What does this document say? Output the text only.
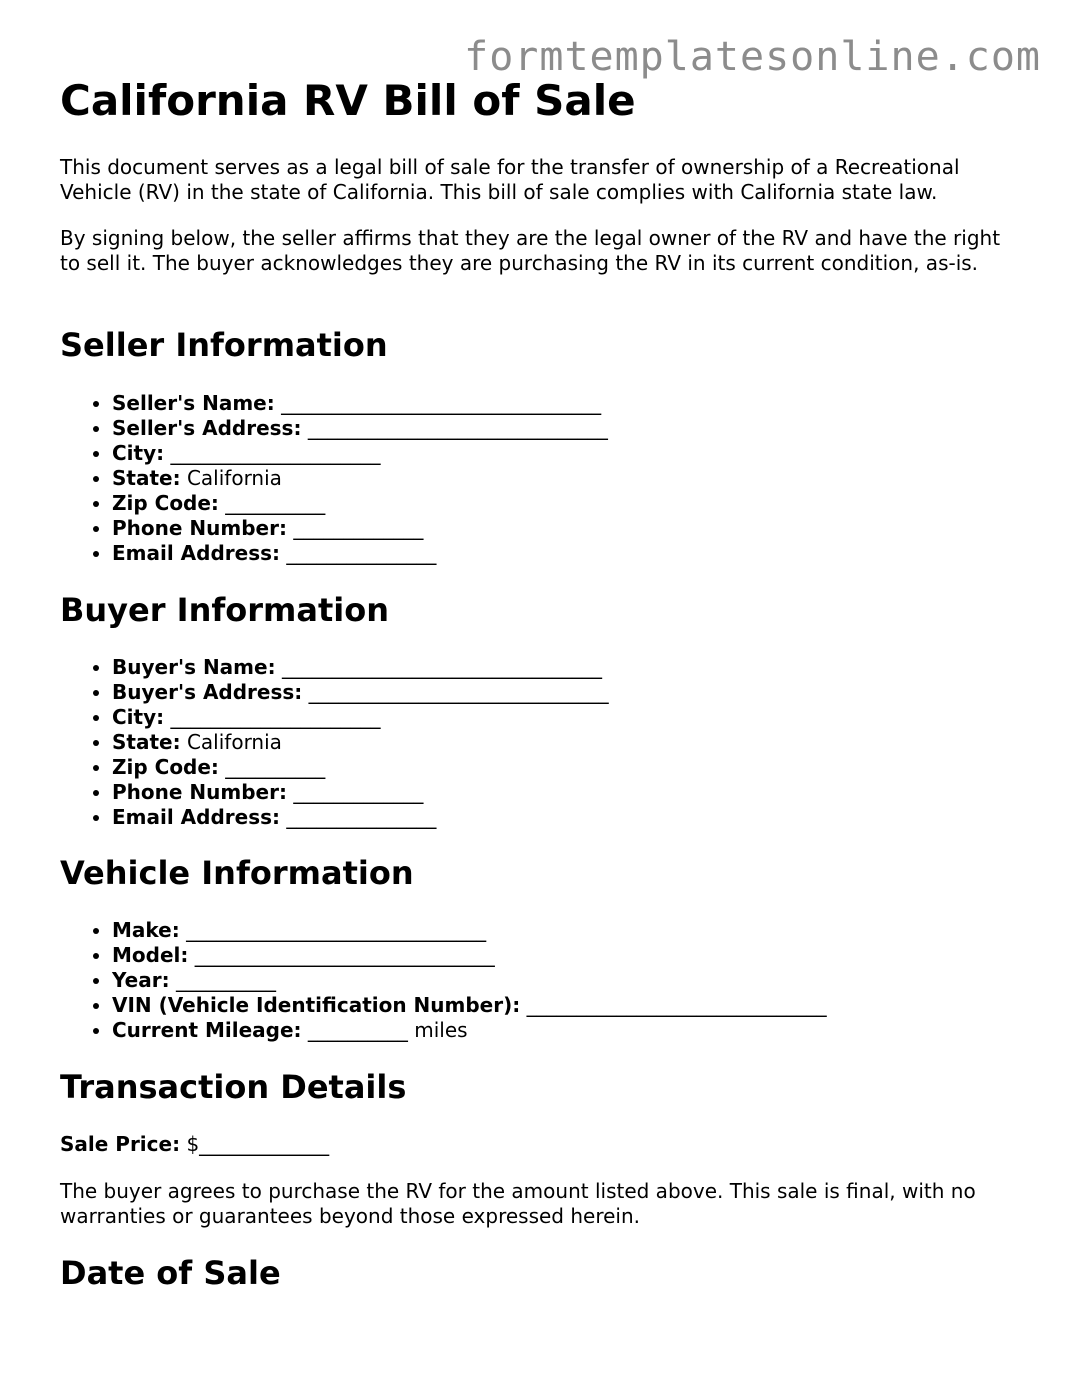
formtemplatesonline.com
California RV Bill of Sale

This document serves as a legal bill of sale for the transfer of ownership of a Recreational Vehicle (RV) in the state of California. This bill of sale complies with California state law.

By signing below, the seller affirms that they are the legal owner of the RV and have the right to sell it. The buyer acknowledges they are purchasing the RV in its current condition, as-is.

Seller Information
• Seller's Name: ________________________________
• Seller's Address: ______________________________
• City: _____________________
• State: California
• Zip Code: __________
• Phone Number: _____________
• Email Address: _______________
Buyer Information
• Buyer's Name: ________________________________
• Buyer's Address: ______________________________
• City: _____________________
• State: California
• Zip Code: __________
• Phone Number: _____________
• Email Address: _______________
Vehicle Information
• Make: ______________________________
• Model: ______________________________
• Year: __________
• VIN (Vehicle Identification Number): ______________________________
• Current Mileage: __________ miles
Transaction Details

Sale Price: $_____________

The buyer agrees to purchase the RV for the amount listed above. This sale is final, with no warranties or guarantees beyond those expressed herein.

Date of Sale
